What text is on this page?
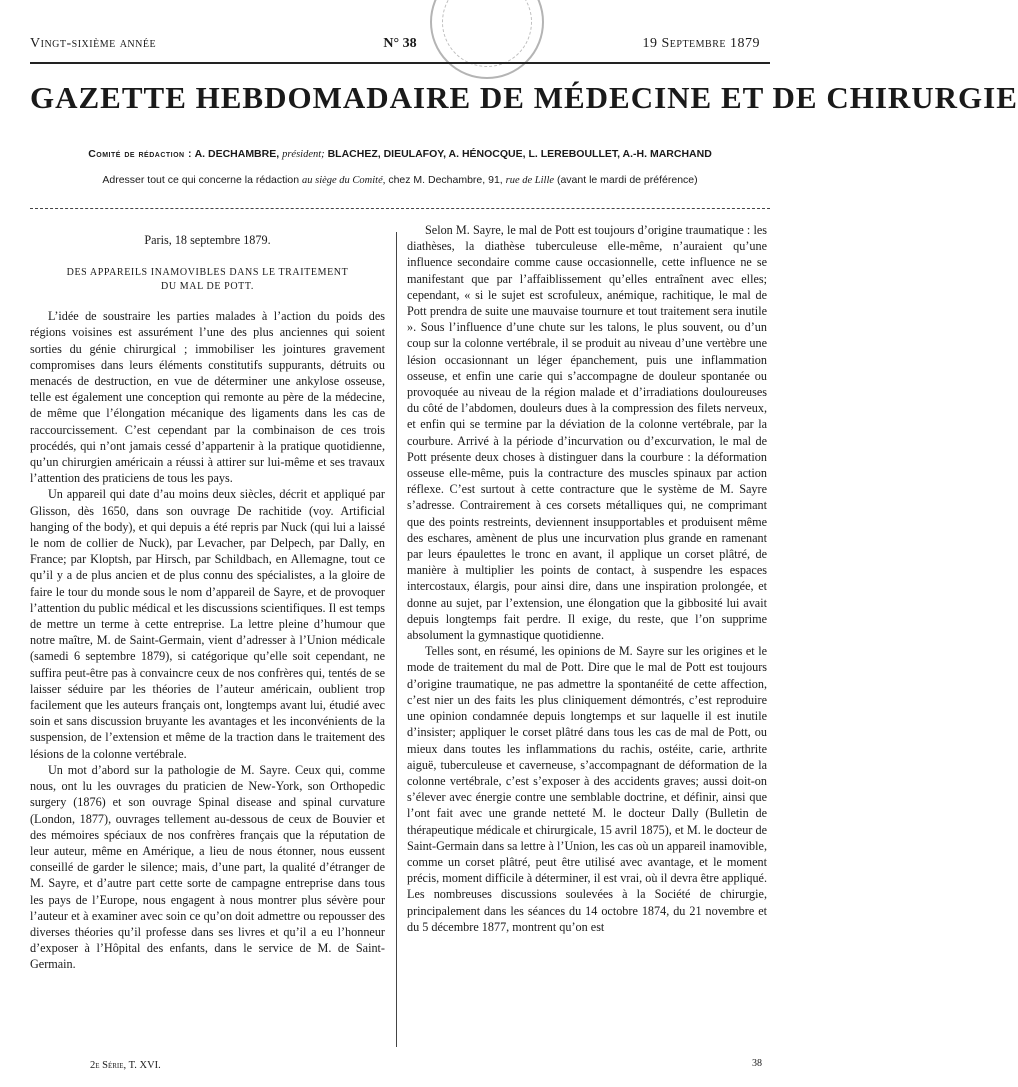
Vingt-sixième année	N° 38	19 Septembre 1879
GAZETTE HEBDOMADAIRE DE MÉDECINE ET DE CHIRURGIE
Comité de rédaction : A. DECHAMBRE, président; BLACHEZ, DIEULAFOY, A. HÉNOCQUE, L. LEREBOULLET, A.-H. MARCHAND
Adresser tout ce qui concerne la rédaction au siège du Comité, chez M. Dechambre, 91, rue de Lille (avant le mardi de préférence)

Paris, 18 septembre 1879.

DES APPAREILS INAMOVIBLES DANS LE TRAITEMENT
DU MAL DE POTT.

L’idée de soustraire les parties malades à l’action du poids des régions voisines est assurément l’une des plus anciennes qui soient sorties du génie chirurgical ; immobiliser les jointures gravement compromises dans leurs éléments constitutifs suppurants, détruits ou menacés de destruction, en vue de déterminer une ankylose osseuse, telle est également une conception qui remonte au père de la médecine, de même que l’élongation mécanique des ligaments dans les cas de raccourcissement. C’est cependant par la combinaison de ces trois procédés, qui n’ont jamais cessé d’appartenir à la pratique quotidienne, qu’un chirurgien américain a réussi à attirer sur lui-même et ses travaux l’attention des praticiens de tous les pays.

Un appareil qui date d’au moins deux siècles, décrit et appliqué par Glisson, dès 1650, dans son ouvrage De rachitide (voy. Artificial hanging of the body), et qui depuis a été repris par Nuck (qui lui a laissé le nom de collier de Nuck), par Levacher, par Delpech, par Dally, en France; par Kloptsh, par Hirsch, par Schildbach, en Allemagne, tout ce qu’il y a de plus ancien et de plus connu des spécialistes, a la gloire de faire le tour du monde sous le nom d’appareil de Sayre, et de provoquer l’attention du public médical et les discussions scientifiques. Il est temps de mettre un terme à cette entreprise. La lettre pleine d’humour que notre maître, M. de Saint-Germain, vient d’adresser à l’Union médicale (samedi 6 septembre 1879), si catégorique qu’elle soit cependant, ne suffira peut-être pas à convaincre ceux de nos confrères qui, tentés de se laisser séduire par les théories de l’auteur américain, oublient trop facilement que les auteurs français ont, longtemps avant lui, étudié avec soin et sans discussion bruyante les avantages et les inconvénients de la suspension, de l’extension et même de la traction dans le traitement des lésions de la colonne vertébrale.

Un mot d’abord sur la pathologie de M. Sayre. Ceux qui, comme nous, ont lu les ouvrages du praticien de New-York, son Orthopedic surgery (1876) et son ouvrage Spinal disease and spinal curvature (London, 1877), ouvrages tellement au-dessous de ceux de Bouvier et des mémoires spéciaux de nos confrères français que la réputation de leur auteur, même en Amérique, a lieu de nous étonner, nous eussent conseillé de garder le silence; mais, d’une part, la qualité d’étranger de M. Sayre, et d’autre part cette sorte de campagne entreprise dans tous les pays de l’Europe, nous engagent à nous montrer plus sévère pour l’auteur et à examiner avec soin ce qu’on doit admettre ou repousser des diverses théories qu’il professe dans ses livres et qu’il a eu l’honneur d’exposer à l’Hôpital des enfants, dans le service de M. de Saint-Germain.

Selon M. Sayre, le mal de Pott est toujours d’origine traumatique : les diathèses, la diathèse tuberculeuse elle-même, n’auraient qu’une influence secondaire comme cause occasionnelle, cette influence ne se manifestant que par l’affaiblissement qu’elles entraînent avec elles; cependant, « si le sujet est scrofuleux, anémique, rachitique, le mal de Pott prendra de suite une mauvaise tournure et tout traitement sera inutile ». Sous l’influence d’une chute sur les talons, le plus souvent, ou d’un coup sur la colonne vertébrale, il se produit au niveau d’une vertèbre une lésion occasionnant un léger épanchement, puis une inflammation osseuse, et enfin une carie qui s’accompagne de douleur spontanée ou provoquée au niveau de la région malade et d’irradiations douloureuses du côté de l’abdomen, douleurs dues à la compression des filets nerveux, et enfin qui se termine par la déviation de la colonne vertébrale, par la courbure. Arrivé à la période d’incurvation ou d’excurvation, le mal de Pott présente deux choses à distinguer dans la courbure : la déformation osseuse elle-même, puis la contracture des muscles spinaux par action réflexe. C’est surtout à cette contracture que le système de M. Sayre s’adresse. Contrairement à ces corsets métalliques qui, ne comprimant que des points restreints, deviennent insupportables et produisent même des eschares, amènent de plus une incurvation plus grande en ramenant par leurs épaulettes le tronc en avant, il applique un corset plâtré, de manière à multiplier les points de contact, à suspendre les espaces intercostaux, élargis, pour ainsi dire, dans une inspiration prolongée, et donne au sujet, par l’extension, une élongation que la gibbosité lui avait depuis longtemps fait perdre. Il exige, du reste, que l’on supprime absolument la gymnastique quotidienne.

Telles sont, en résumé, les opinions de M. Sayre sur les origines et le mode de traitement du mal de Pott. Dire que le mal de Pott est toujours d’origine traumatique, ne pas admettre la spontanéité de cette affection, c’est nier un des faits les plus cliniquement démontrés, c’est reproduire une opinion condamnée depuis longtemps et sur laquelle il est inutile d’insister; appliquer le corset plâtré dans tous les cas de mal de Pott, ou mieux dans toutes les inflammations du rachis, ostéite, carie, arthrite aiguë, tuberculeuse et caverneuse, s’accompagnant de déformation de la colonne vertébrale, c’est s’exposer à des accidents graves; aussi doit-on s’élever avec énergie contre une semblable doctrine, et définir, ainsi que l’ont fait avec une grande netteté M. le docteur Dally (Bulletin de thérapeutique médicale et chirurgicale, 15 avril 1875), et M. le docteur de Saint-Germain dans sa lettre à l’Union, les cas où un appareil inamovible, comme un corset plâtré, peut être utilisé avec avantage, et le moment précis, moment difficile à déterminer, il est vrai, où il devra être appliqué. Les nombreuses discussions soulevées à la Société de chirurgie, principalement dans les séances du 14 octobre 1874, du 21 novembre et du 5 décembre 1877, montrent qu’on est

2e Série, T. XVI.	38
